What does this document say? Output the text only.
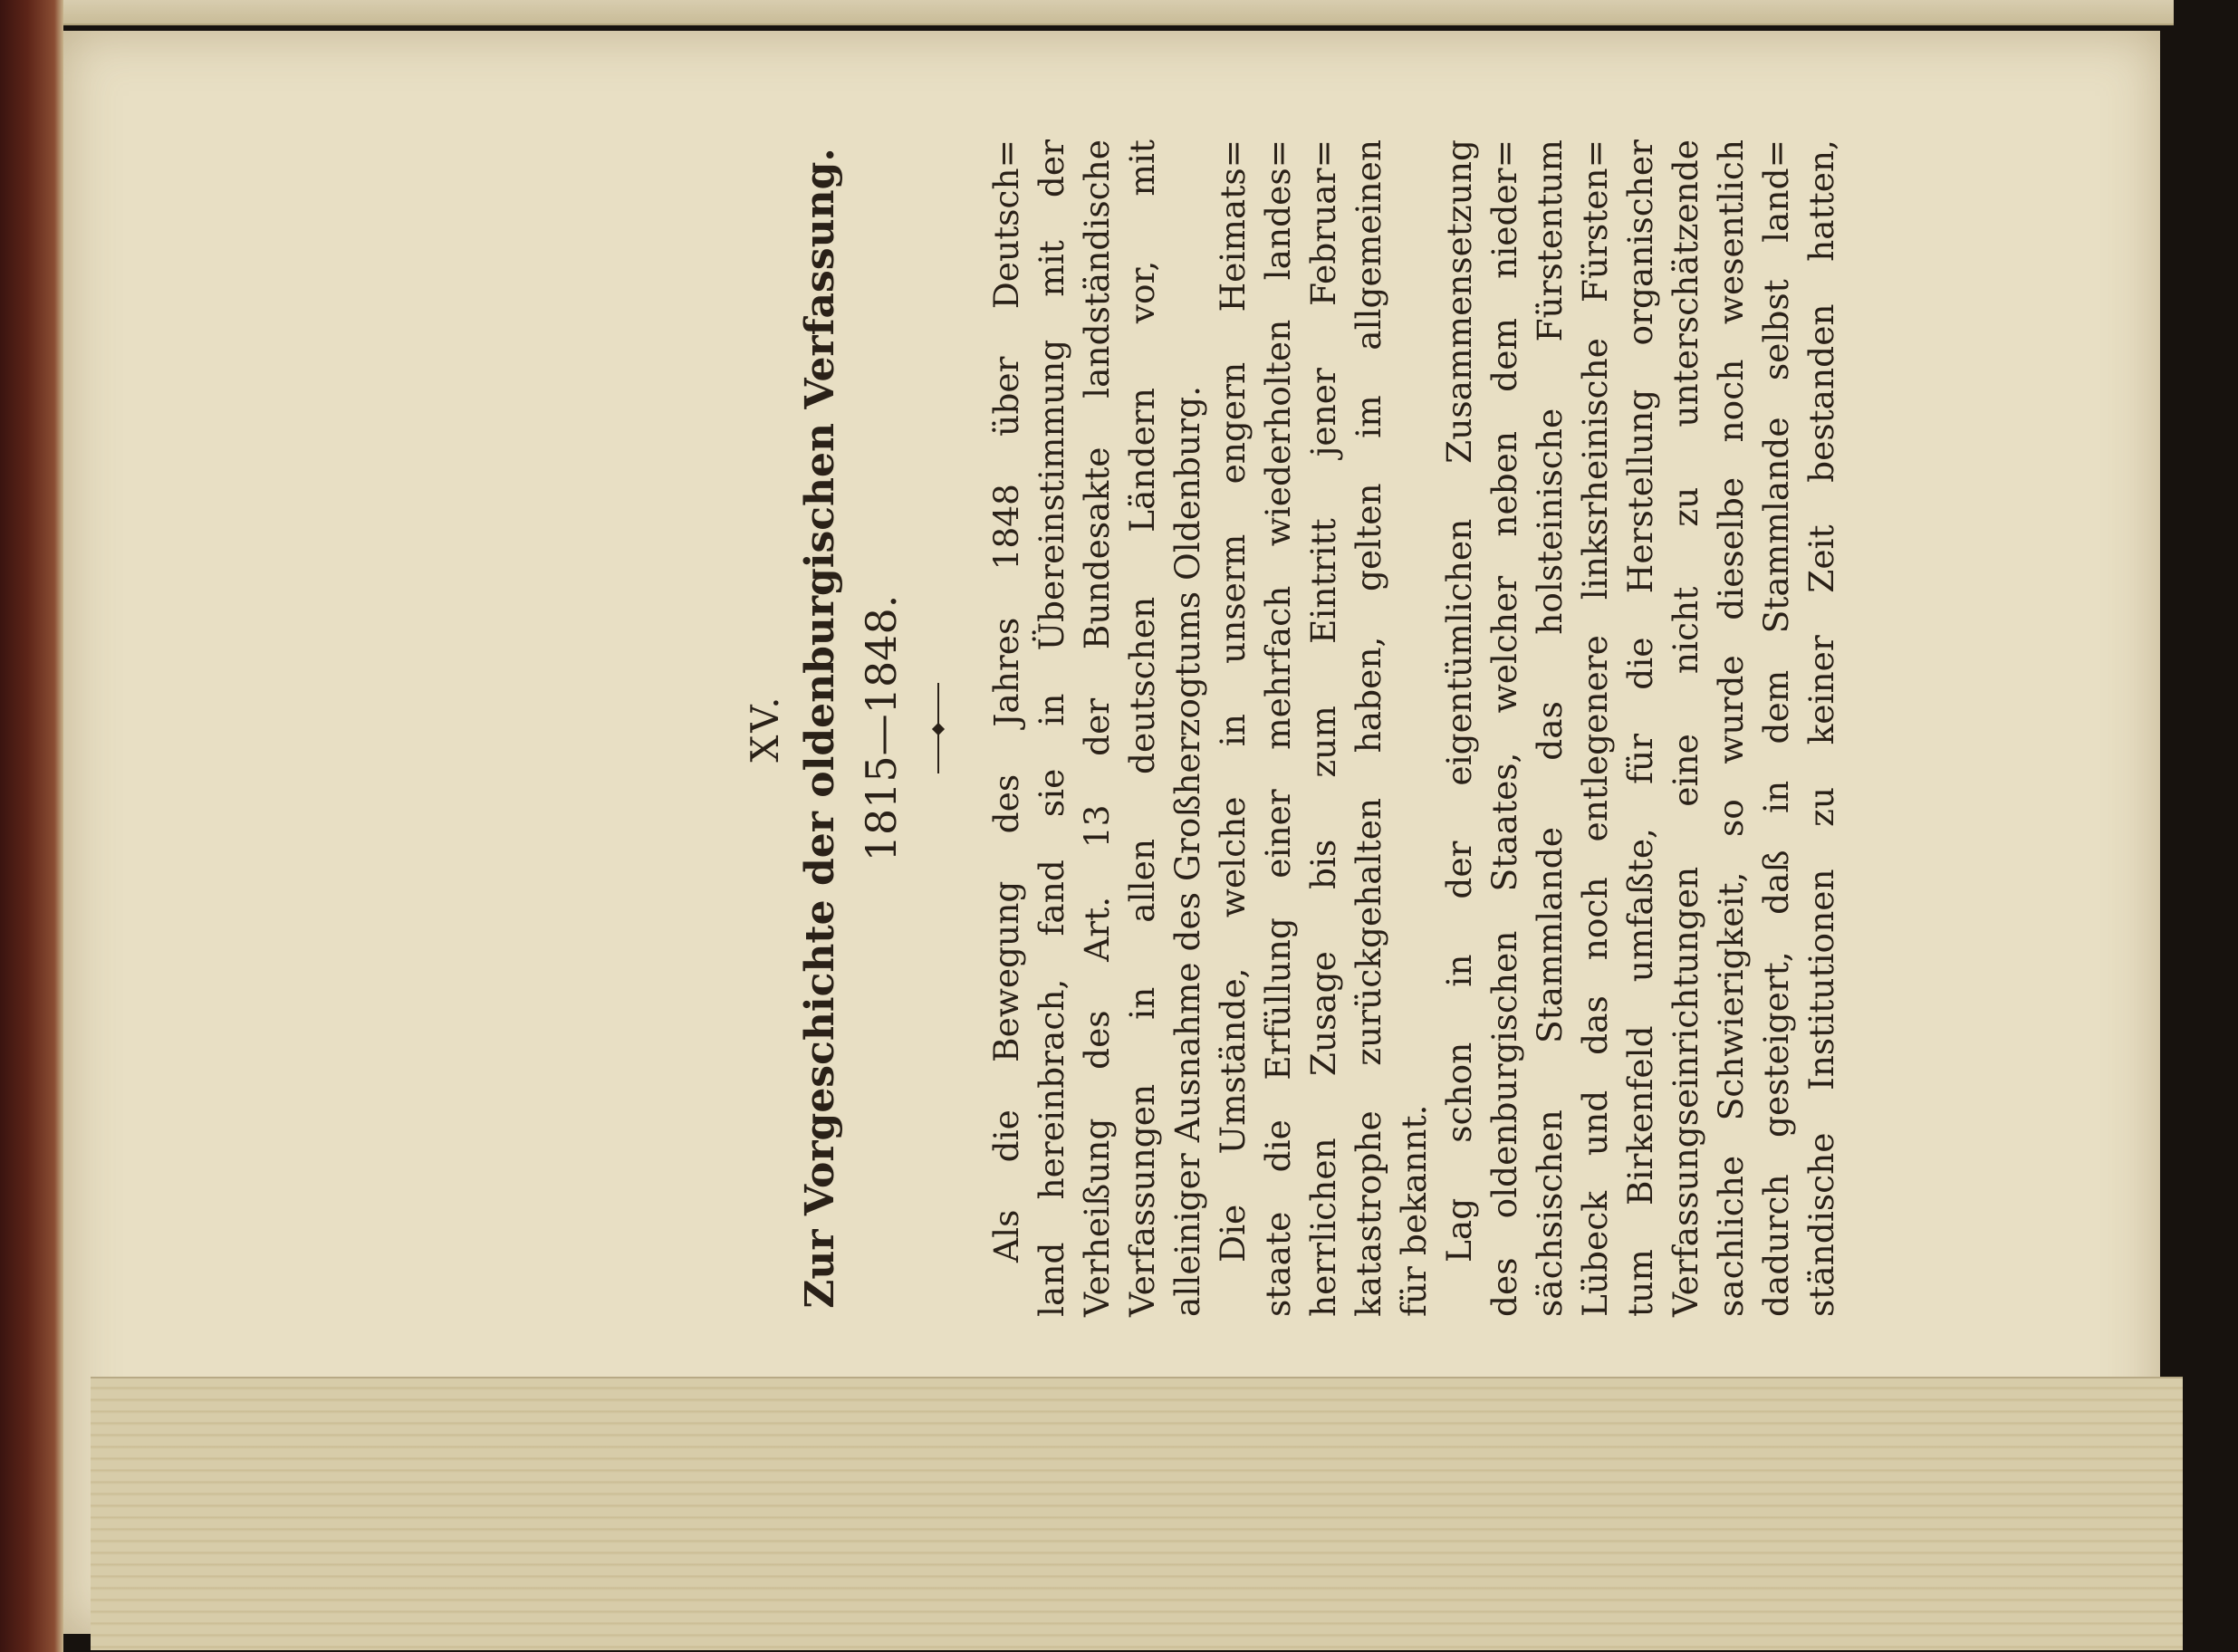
XV. Zur Vorgeschichte der oldenburgischen Verfassung. 1815—1848. Als die Bewegung des Jahres 1848 über Deutsch= land hereinbrach, fand sie in Übereinstimmung mit der Verheißung des Art. 13 der Bundesakte landständische Verfassungen in allen deutschen Ländern vor, mit alleiniger Ausnahme des Großherzogtums Oldenburg. Die Umstände, welche in unserm engern Heimats= staate die Erfüllung einer mehrfach wiederholten landes= herrlichen Zusage bis zum Eintritt jener Februar= katastrophe zurückgehalten haben, gelten im allgemeinen für bekannt. Lag schon in der eigentümlichen Zusammensetzung des oldenburgischen Staates, welcher neben dem nieder= sächsischen Stammlande das holsteinische Fürstentum Lübeck und das noch entlegenere linksrheinische Fürsten= tum Birkenfeld umfaßte, für die Herstellung organischer Verfassungseinrichtungen eine nicht zu unterschätzende sachliche Schwierigkeit, so wurde dieselbe noch wesentlich dadurch gesteigert, daß in dem Stammlande selbst land= ständische Institutionen zu keiner Zeit bestanden hatten,
